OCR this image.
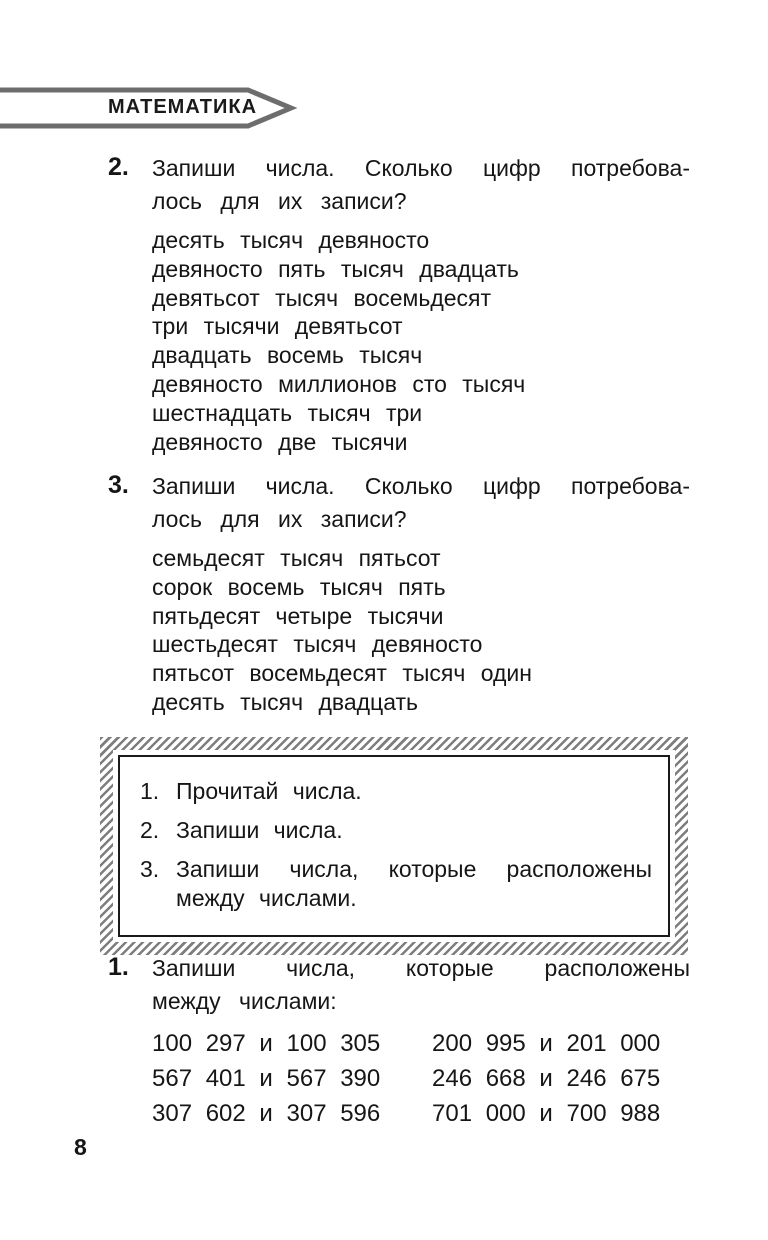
МАТЕМАТИКА
2. Запиши числа. Сколько цифр потребова-
лось для их записи?
десять тысяч девяносто
девяносто пять тысяч двадцать
девятьсот тысяч восемьдесят
три тысячи девятьсот
двадцать восемь тысяч
девяносто миллионов сто тысяч
шестнадцать тысяч три
девяносто две тысячи
3. Запиши числа. Сколько цифр потребова-
лось для их записи?
семьдесят тысяч пятьсот
сорок восемь тысяч пять
пятьдесят четыре тысячи
шестьдесят тысяч девяносто
пятьсот восемьдесят тысяч один
десять тысяч двадцать
1. Прочитай числа.
2. Запиши числа.
3. Запиши числа, которые расположены между числами.
1. Запиши числа, которые расположены
между числами:
100 297 и 100 305	200 995 и 201 000
567 401 и 567 390	246 668 и 246 675
307 602 и 307 596	701 000 и 700 988
8
